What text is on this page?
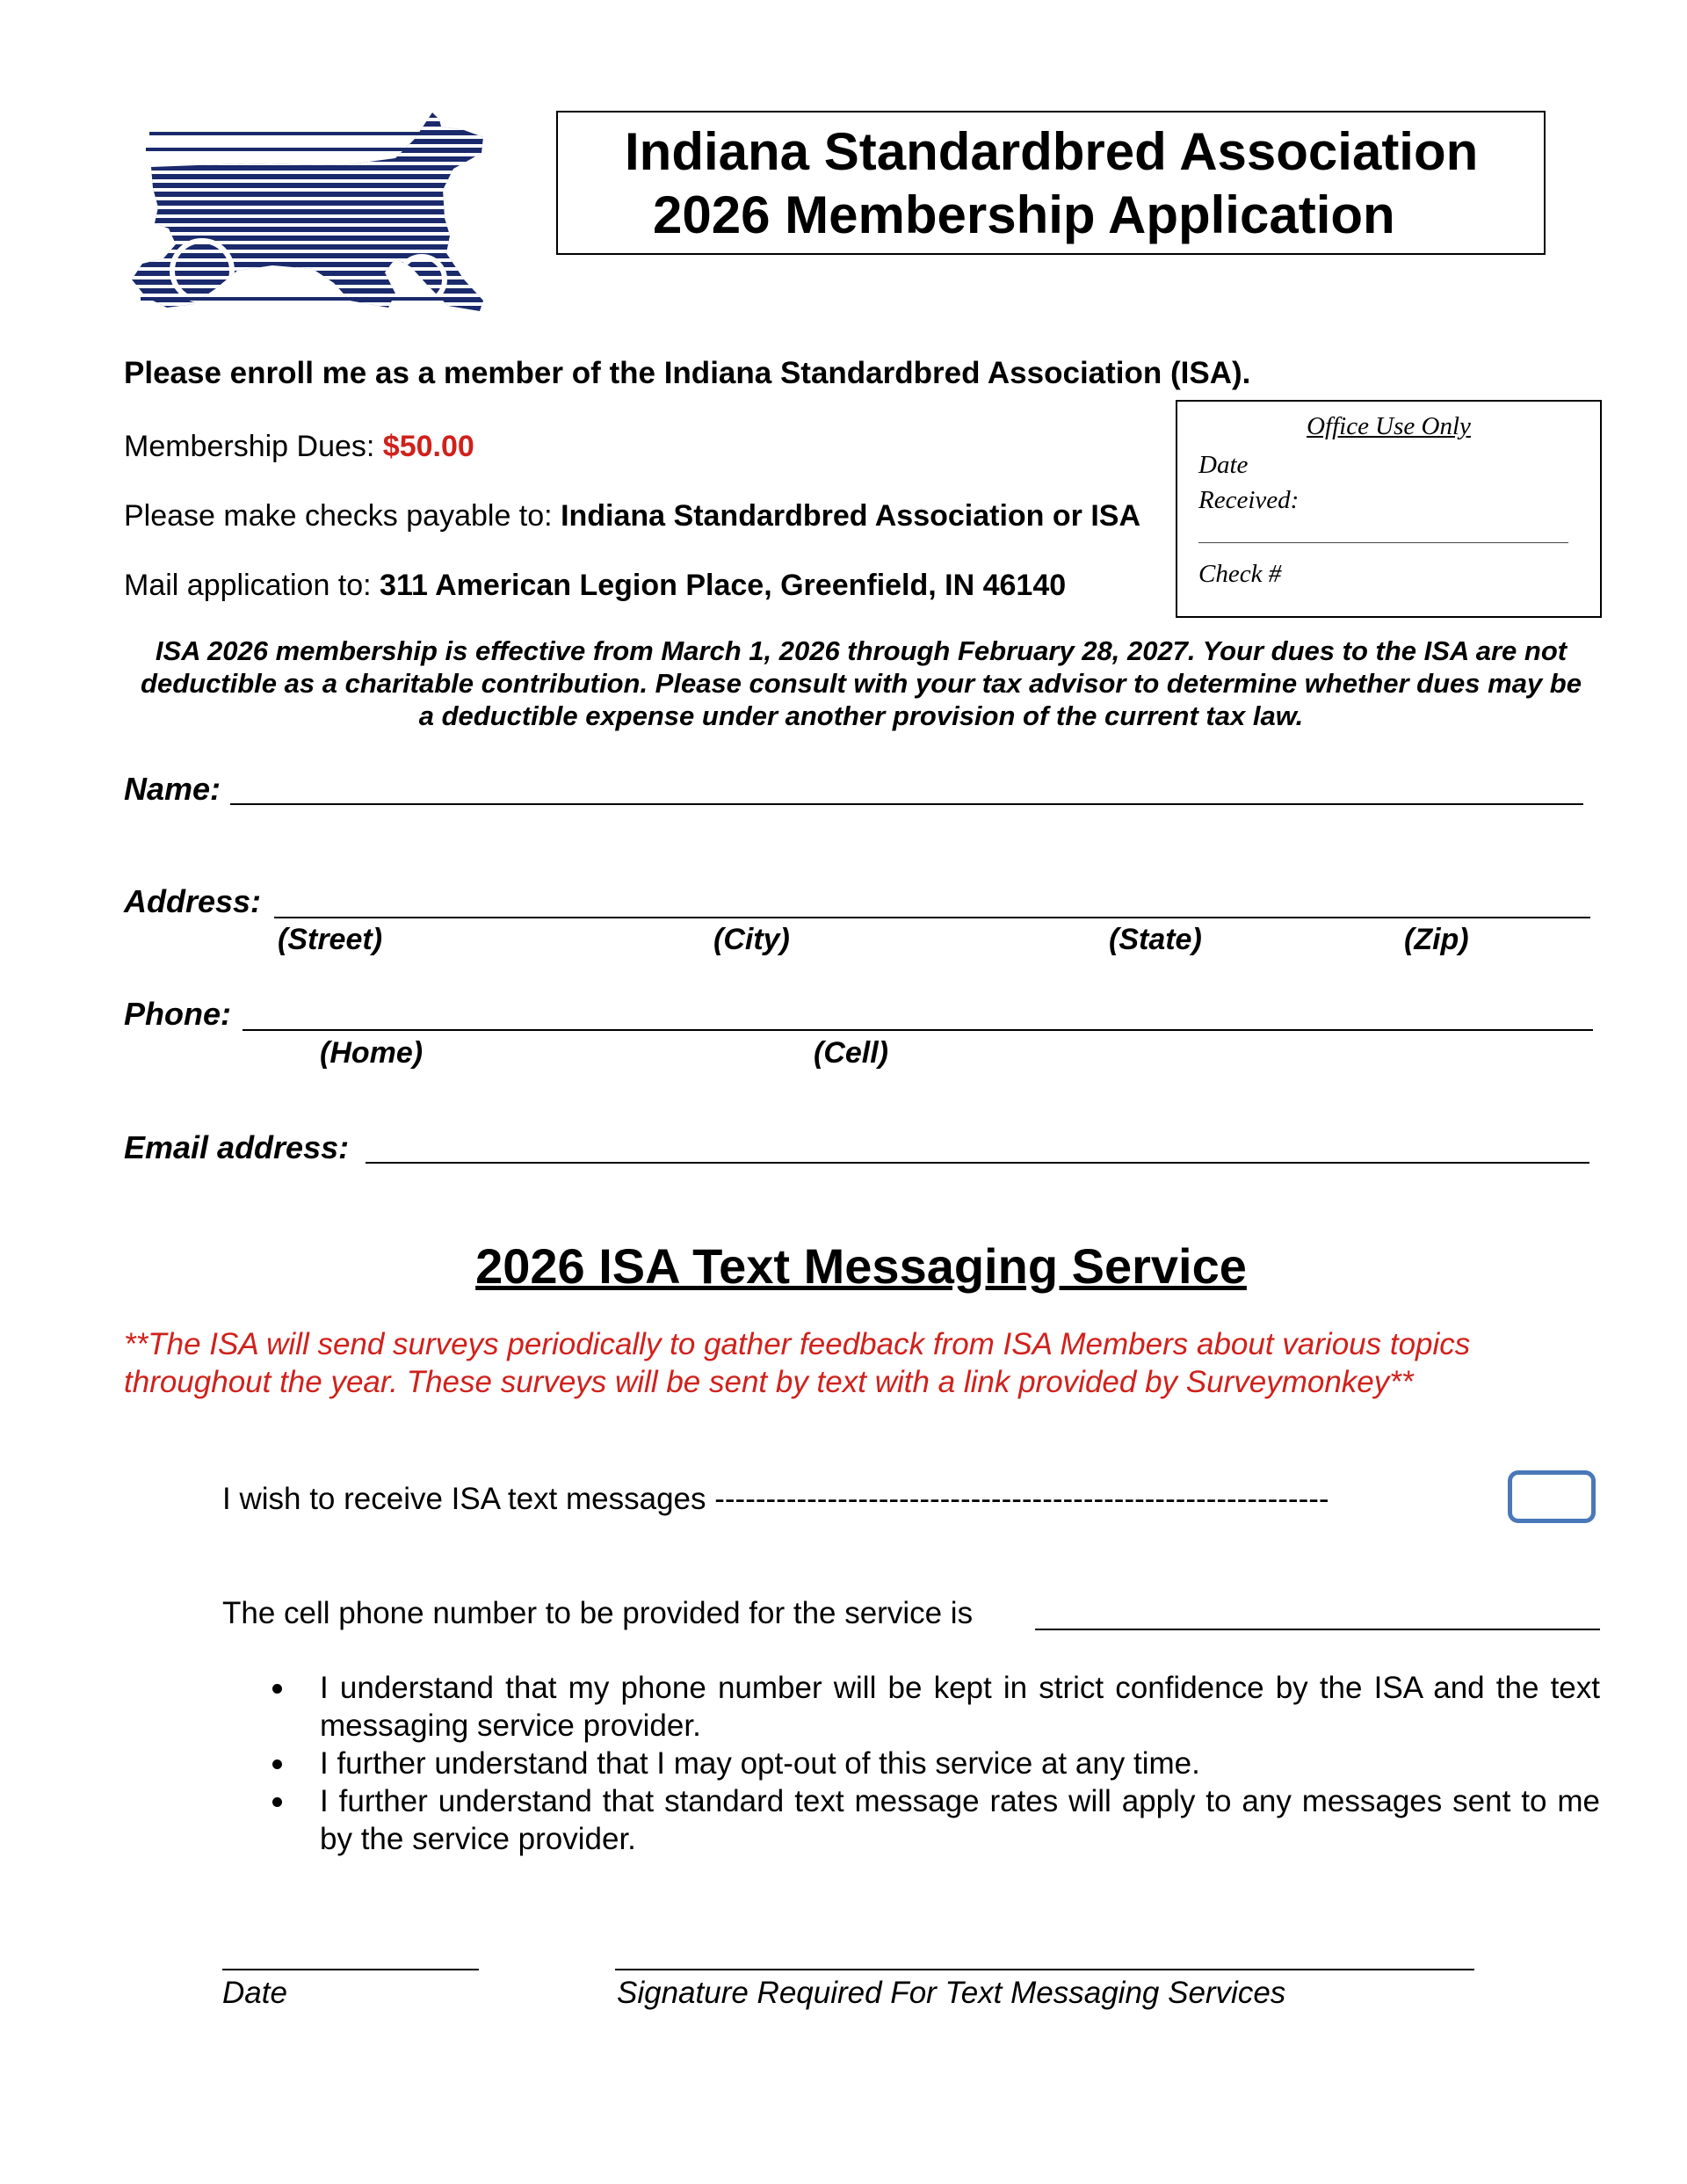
Indiana Standardbred Association
2026 Membership Application
Please enroll me as a member of the Indiana Standardbred Association (ISA).
Membership Dues: $50.00
Please make checks payable to: Indiana Standardbred Association or ISA
Mail application to: 311 American Legion Place, Greenfield, IN 46140
Office Use Only
Date
Received:
Check #
ISA 2026 membership is effective from March 1, 2026 through February 28, 2027. Your dues to the ISA are not
deductible as a charitable contribution. Please consult with your tax advisor to determine whether dues may be
a deductible expense under another provision of the current tax law.
Name:
Address:
(Street)	(City)	(State)	(Zip)
Phone:
(Home)	(Cell)
Email address:
2026 ISA Text Messaging Service
**The ISA will send surveys periodically to gather feedback from ISA Members about various topics
throughout the year. These surveys will be sent by text with a link provided by Surveymonkey**
I wish to receive ISA text messages ------------------------------------------------------------
The cell phone number to be provided for the service is
I understand that my phone number will be kept in strict confidence by the ISA and the text messaging service provider.
I further understand that I may opt-out of this service at any time.
I further understand that standard text message rates will apply to any messages sent to me by the service provider.
Date	Signature Required For Text Messaging Services
